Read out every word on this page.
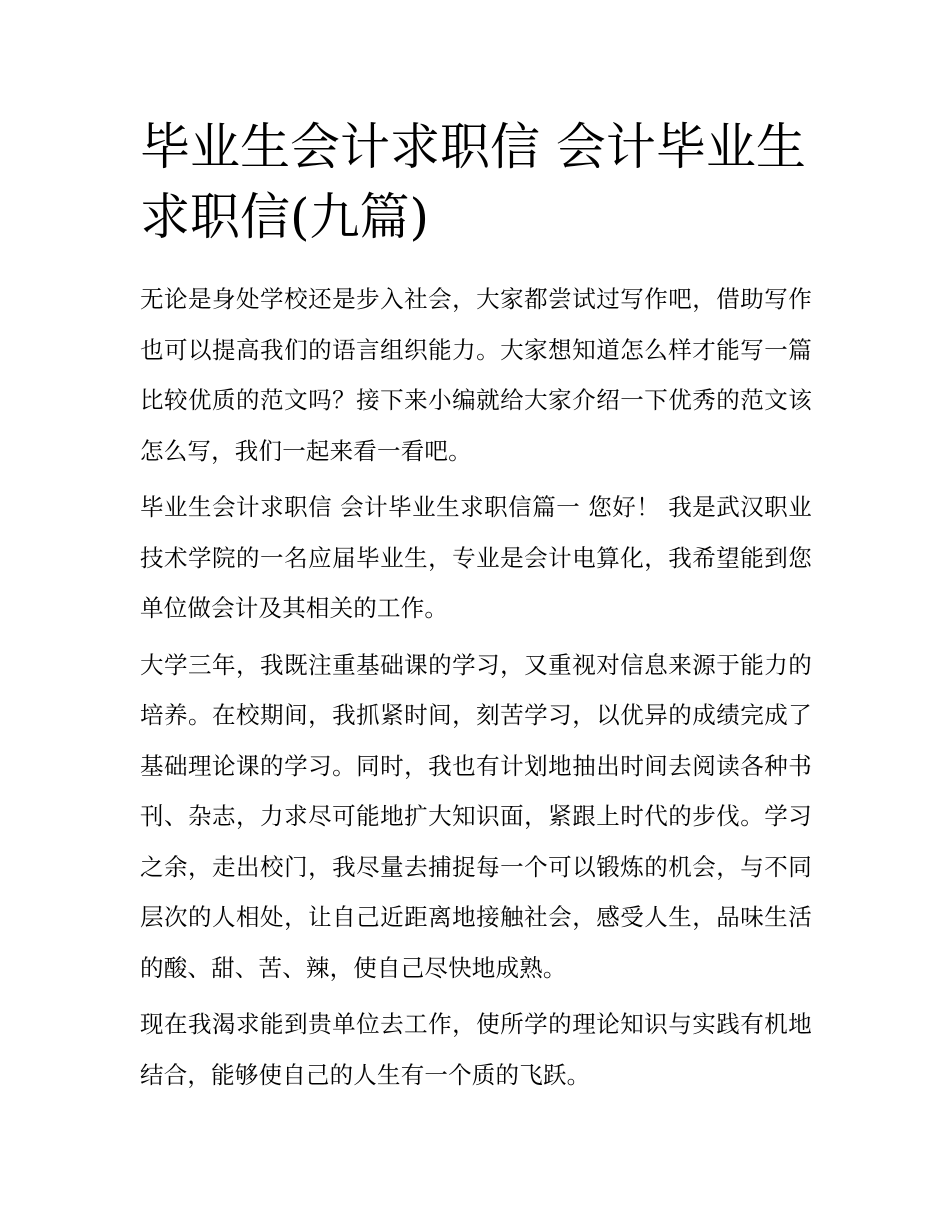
毕业生会计求职信 会计毕业生求职信(九篇)

无论是身处学校还是步入社会，大家都尝试过写作吧，借助写作也可以提高我们的语言组织能力。大家想知道怎么样才能写一篇比较优质的范文吗？接下来小编就给大家介绍一下优秀的范文该怎么写，我们一起来看一看吧。

毕业生会计求职信 会计毕业生求职信篇一 您好！ 我是武汉职业技术学院的一名应届毕业生，专业是会计电算化，我希望能到您单位做会计及其相关的工作。

大学三年，我既注重基础课的学习，又重视对信息来源于能力的培养。在校期间，我抓紧时间，刻苦学习，以优异的成绩完成了基础理论课的学习。同时，我也有计划地抽出时间去阅读各种书刊、杂志，力求尽可能地扩大知识面，紧跟上时代的步伐。学习之余，走出校门，我尽量去捕捉每一个可以锻炼的机会，与不同层次的人相处，让自己近距离地接触社会，感受人生，品味生活的酸、甜、苦、辣，使自己尽快地成熟。

现在我渴求能到贵单位去工作，使所学的理论知识与实践有机地结合，能够使自己的人生有一个质的飞跃。
